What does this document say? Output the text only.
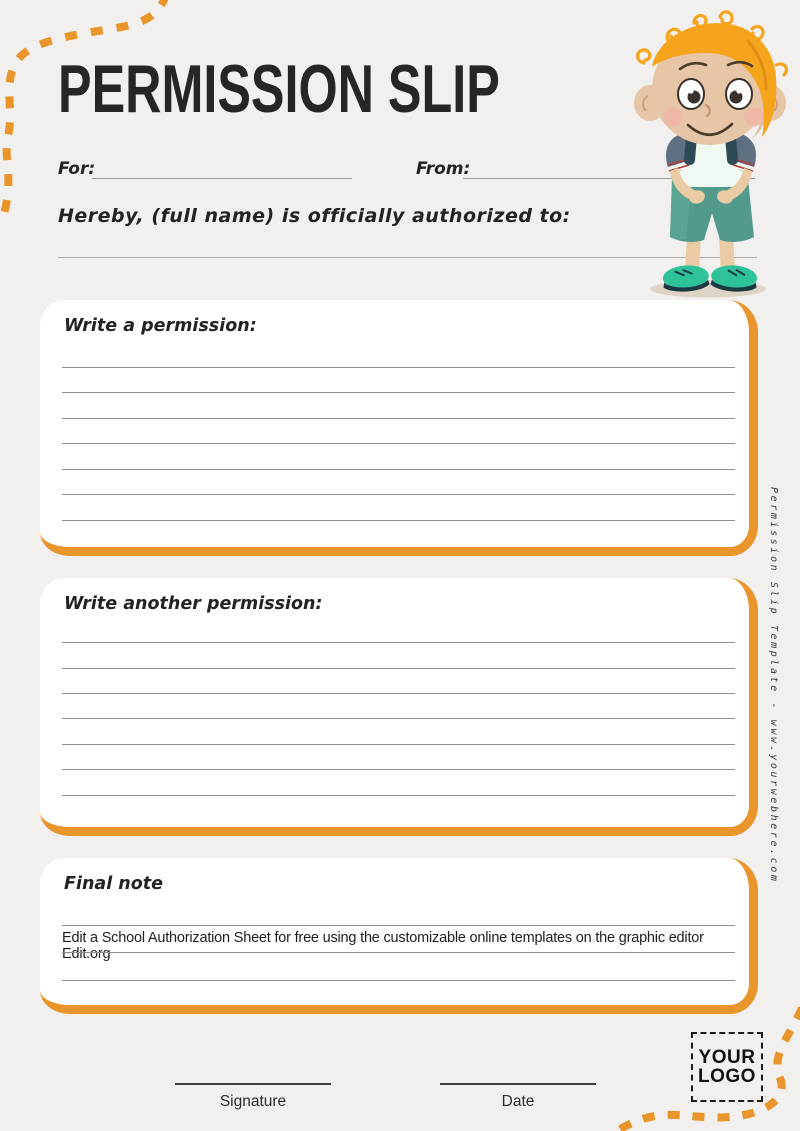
PERMISSION SLIP
For:	From:
Hereby, (full name) is officially authorized to:
Write a permission:
Write another permission:
Final note
Edit a School Authorization Sheet for free using the customizable online templates on the graphic editor Edit.org
Permission Slip Template - www.yourwebhere.com
Signature	Date
YOUR
LOGO
